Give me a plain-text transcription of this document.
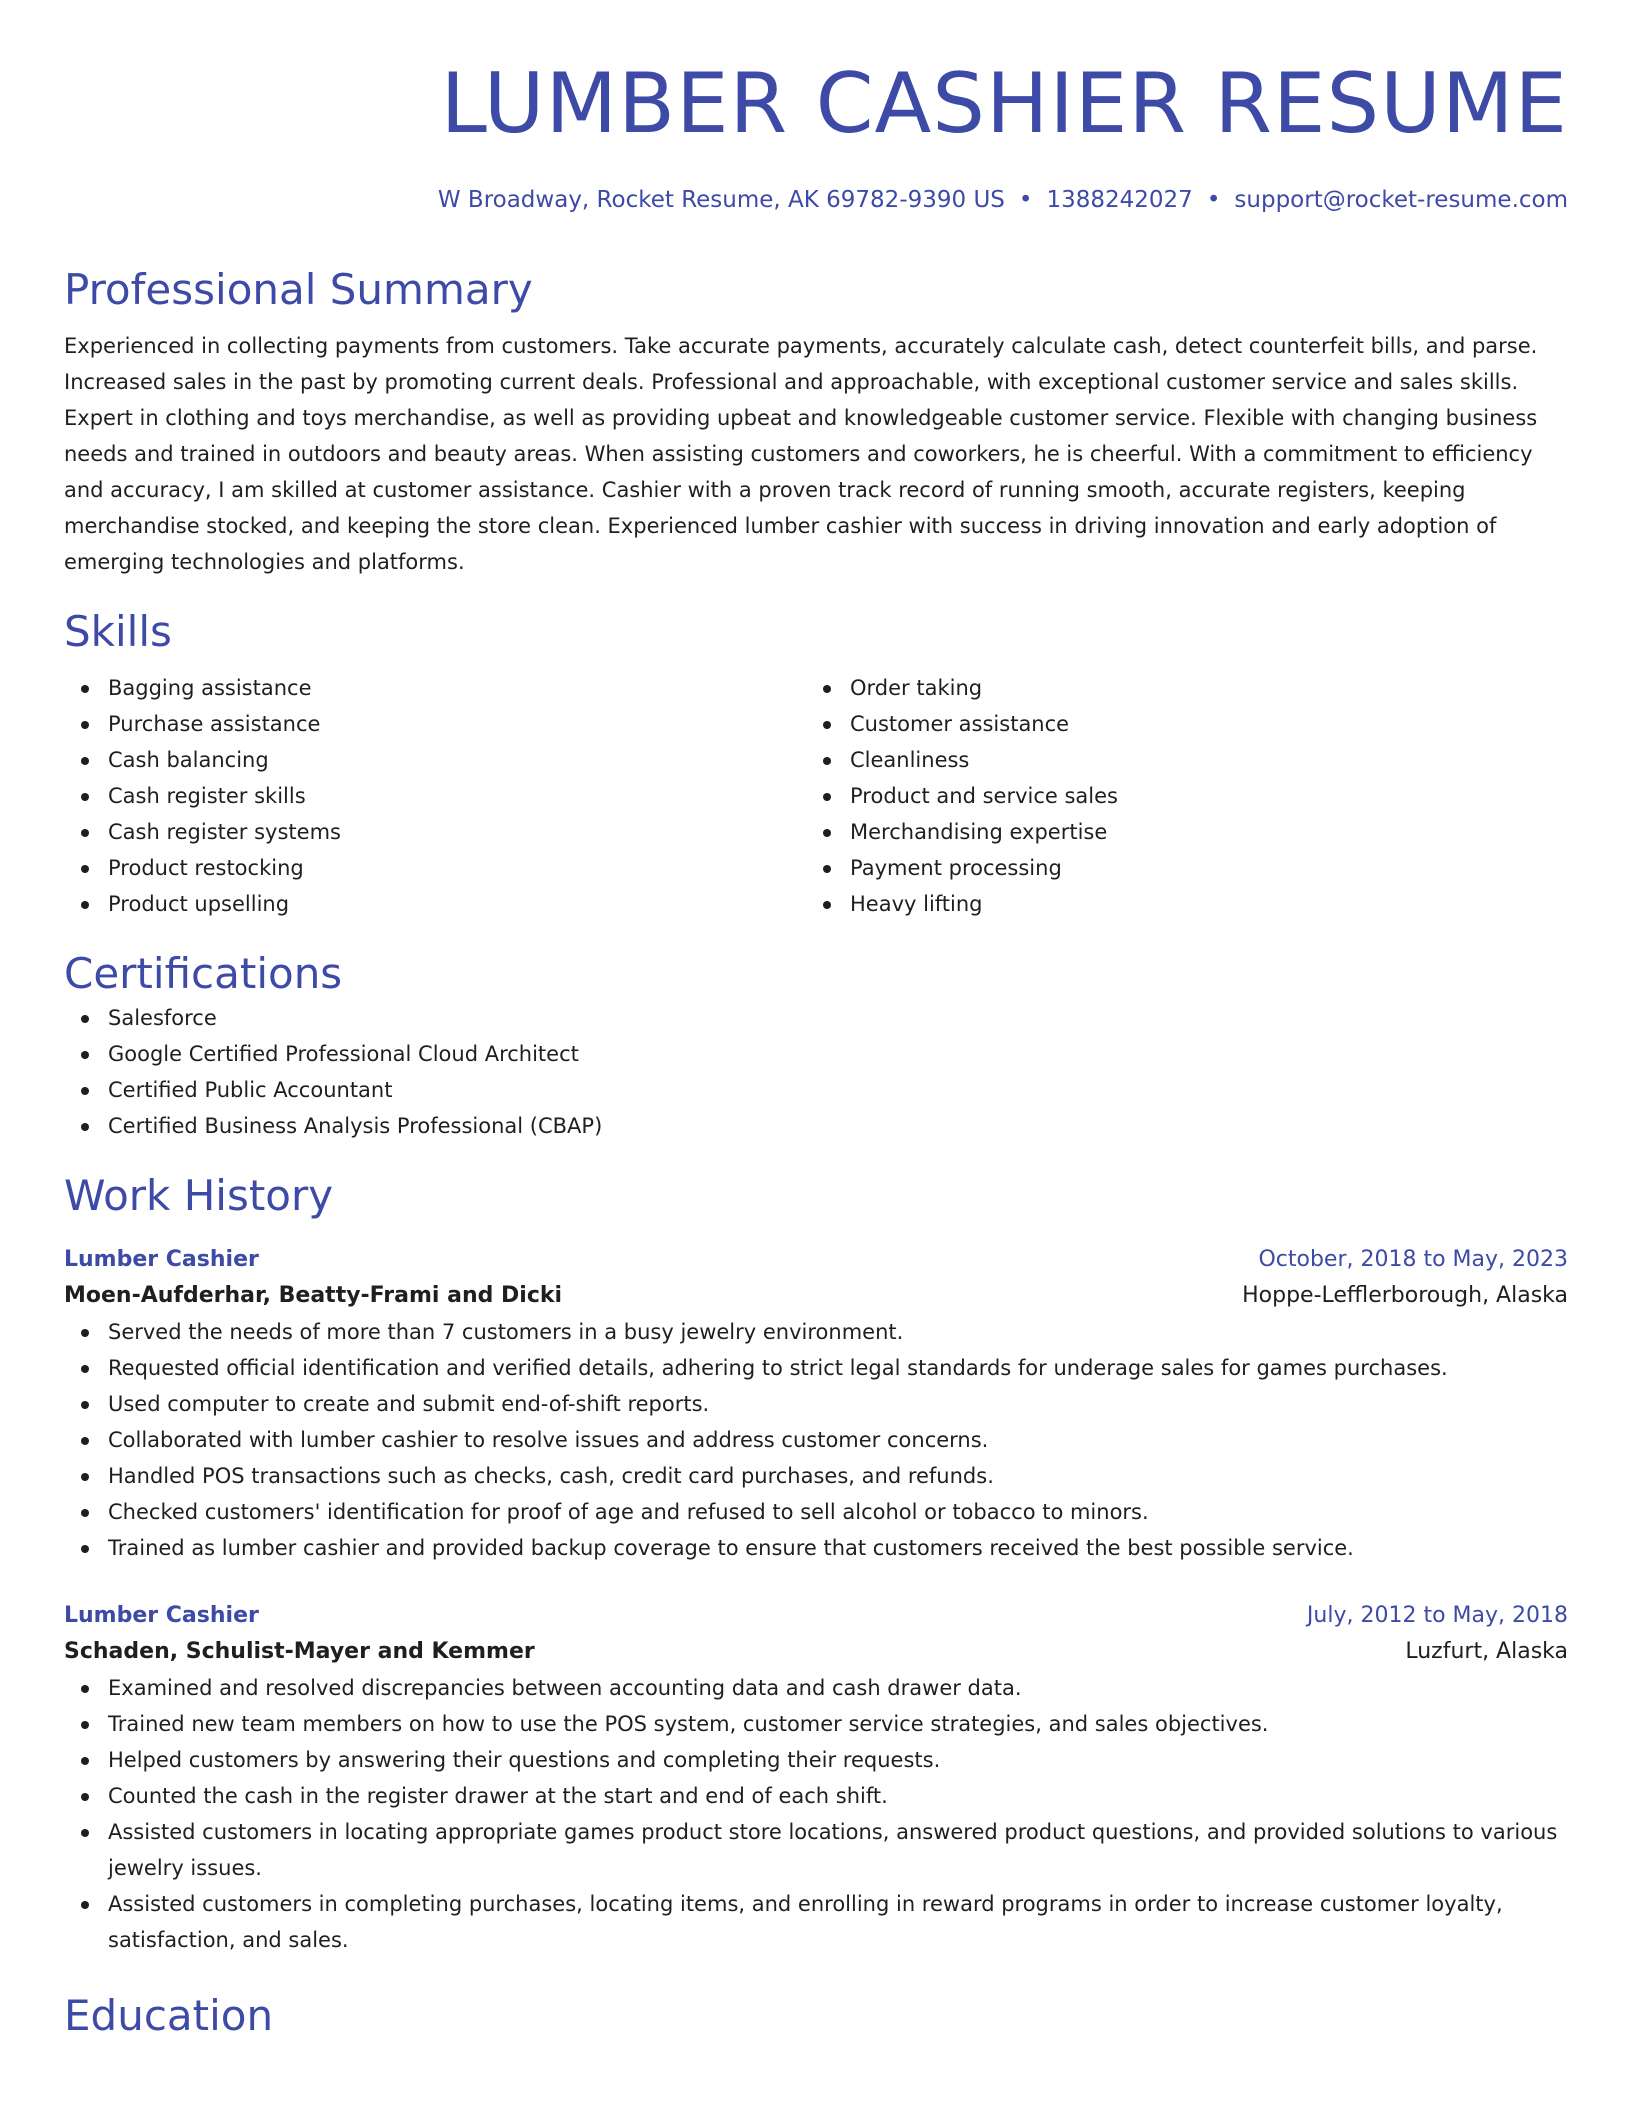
LUMBER CASHIER RESUME
W Broadway, Rocket Resume, AK 69782-9390 US • 1388242027 • support@rocket-resume.com
Professional Summary
Experienced in collecting payments from customers. Take accurate payments, accurately calculate cash, detect counterfeit bills, and parse. Increased sales in the past by promoting current deals. Professional and approachable, with exceptional customer service and sales skills. Expert in clothing and toys merchandise, as well as providing upbeat and knowledgeable customer service. Flexible with changing business needs and trained in outdoors and beauty areas. When assisting customers and coworkers, he is cheerful. With a commitment to efficiency and accuracy, I am skilled at customer assistance. Cashier with a proven track record of running smooth, accurate registers, keeping merchandise stocked, and keeping the store clean. Experienced lumber cashier with success in driving innovation and early adoption of emerging technologies and platforms.
Skills
Bagging assistance
Purchase assistance
Cash balancing
Cash register skills
Cash register systems
Product restocking
Product upselling
Order taking
Customer assistance
Cleanliness
Product and service sales
Merchandising expertise
Payment processing
Heavy lifting
Certifications
Salesforce
Google Certified Professional Cloud Architect
Certified Public Accountant
Certified Business Analysis Professional (CBAP)
Work History
Lumber Cashier	October, 2018 to May, 2023
Moen-Aufderhar, Beatty-Frami and Dicki	Hoppe-Lefflerborough, Alaska
Served the needs of more than 7 customers in a busy jewelry environment.
Requested official identification and verified details, adhering to strict legal standards for underage sales for games purchases.
Used computer to create and submit end-of-shift reports.
Collaborated with lumber cashier to resolve issues and address customer concerns.
Handled POS transactions such as checks, cash, credit card purchases, and refunds.
Checked customers' identification for proof of age and refused to sell alcohol or tobacco to minors.
Trained as lumber cashier and provided backup coverage to ensure that customers received the best possible service.
Lumber Cashier	July, 2012 to May, 2018
Schaden, Schulist-Mayer and Kemmer	Luzfurt, Alaska
Examined and resolved discrepancies between accounting data and cash drawer data.
Trained new team members on how to use the POS system, customer service strategies, and sales objectives.
Helped customers by answering their questions and completing their requests.
Counted the cash in the register drawer at the start and end of each shift.
Assisted customers in locating appropriate games product store locations, answered product questions, and provided solutions to various jewelry issues.
Assisted customers in completing purchases, locating items, and enrolling in reward programs in order to increase customer loyalty, satisfaction, and sales.
Education
